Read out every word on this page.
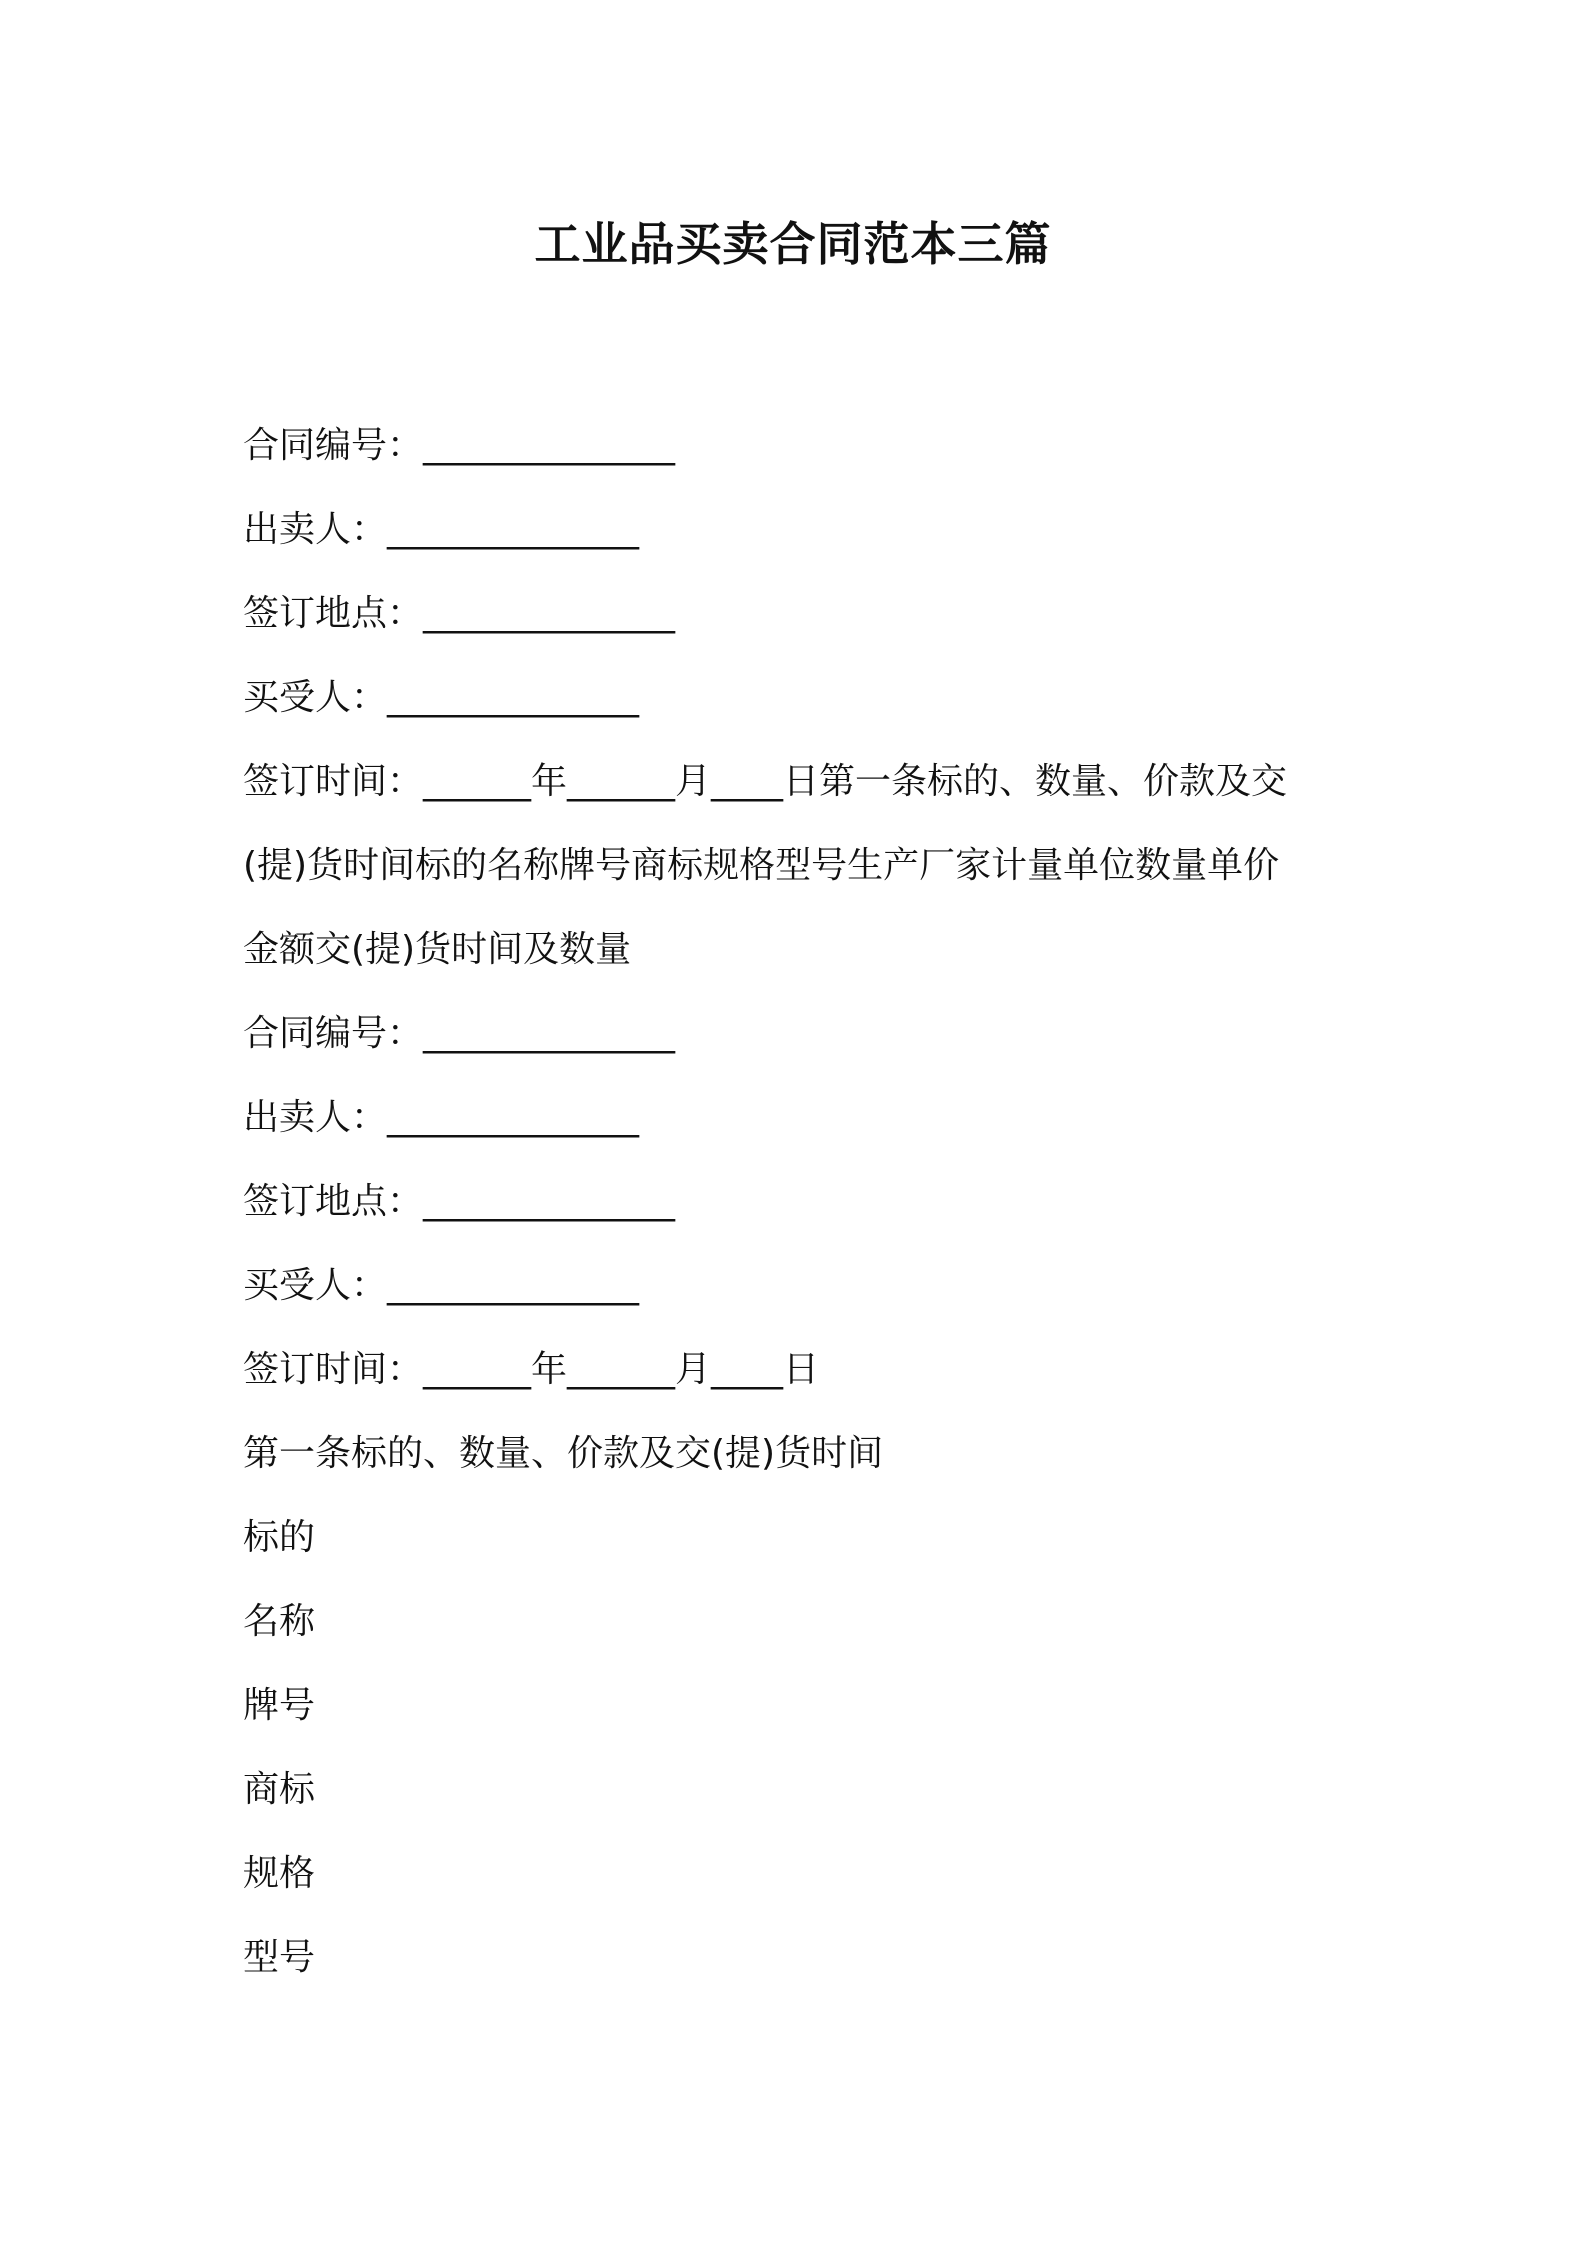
工业品买卖合同范本三篇
合同编号：______________
出卖人：______________
签订地点：______________
买受人：______________
签订时间：______年______月____日第一条标的、数量、价款及交
(提)货时间标的名称牌号商标规格型号生产厂家计量单位数量单价
金额交(提)货时间及数量
合同编号：______________
出卖人：______________
签订地点：______________
买受人：______________
签订时间：______年______月____日
第一条标的、数量、价款及交(提)货时间
标的
名称
牌号
商标
规格
型号
